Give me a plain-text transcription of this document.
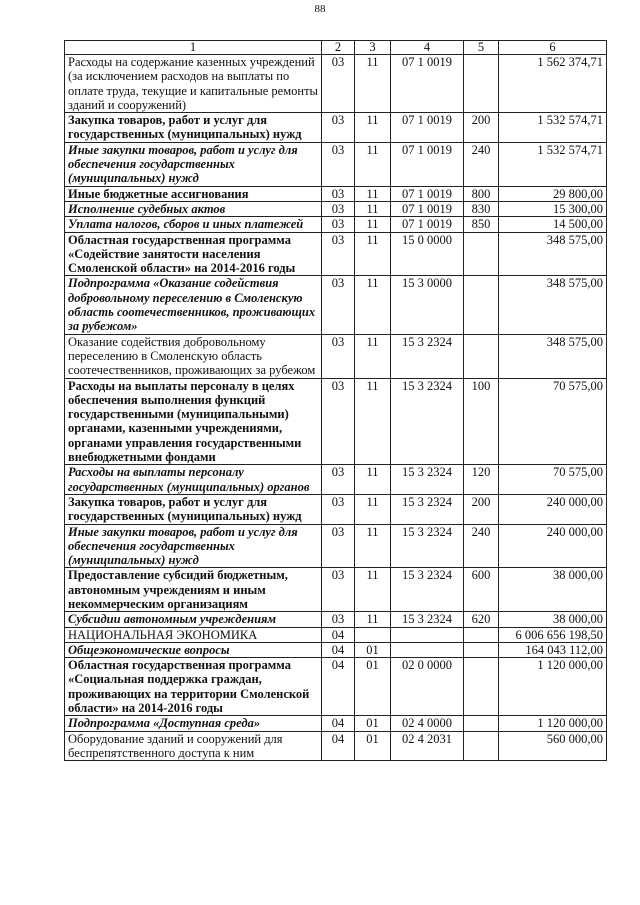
88
1	2	3	4	5	6
Расходы на содержание казенных учреждений (за исключением расходов на выплаты по оплате труда, текущие и капитальные ремонты зданий и сооружений)	03	11	07 1 0019		1 562 374,71
Закупка товаров, работ и услуг для государственных (муниципальных) нужд	03	11	07 1 0019	200	1 532 574,71
Иные закупки товаров, работ и услуг для обеспечения государственных (муниципальных) нужд	03	11	07 1 0019	240	1 532 574,71
Иные бюджетные ассигнования	03	11	07 1 0019	800	29 800,00
Исполнение судебных актов	03	11	07 1 0019	830	15 300,00
Уплата налогов, сборов и иных платежей	03	11	07 1 0019	850	14 500,00
Областная государственная программа «Содействие занятости населения Смоленской области» на 2014-2016 годы	03	11	15 0 0000		348 575,00
Подпрограмма «Оказание содействия добровольному переселению в Смоленскую область соотечественников, проживающих за рубежом»	03	11	15 3 0000		348 575,00
Оказание содействия добровольному переселению в Смоленскую область соотечественников, проживающих за рубежом	03	11	15 3 2324		348 575,00
Расходы на выплаты персоналу в целях обеспечения выполнения функций государственными (муниципальными) органами, казенными учреждениями, органами управления государственными внебюджетными фондами	03	11	15 3 2324	100	70 575,00
Расходы на выплаты персоналу государственных (муниципальных) органов	03	11	15 3 2324	120	70 575,00
Закупка товаров, работ и услуг для государственных (муниципальных) нужд	03	11	15 3 2324	200	240 000,00
Иные закупки товаров, работ и услуг для обеспечения государственных (муниципальных) нужд	03	11	15 3 2324	240	240 000,00
Предоставление субсидий бюджетным, автономным учреждениям и иным некоммерческим организациям	03	11	15 3 2324	600	38 000,00
Субсидии автономным учреждениям	03	11	15 3 2324	620	38 000,00
НАЦИОНАЛЬНАЯ ЭКОНОМИКА	04				6 006 656 198,50
Общеэкономические вопросы	04	01			164 043 112,00
Областная государственная программа «Социальная поддержка граждан, проживающих на территории Смоленской области» на 2014-2016 годы	04	01	02 0 0000		1 120 000,00
Подпрограмма «Доступная среда»	04	01	02 4 0000		1 120 000,00
Оборудование зданий и сооружений для беспрепятственного доступа к ним	04	01	02 4 2031		560 000,00
